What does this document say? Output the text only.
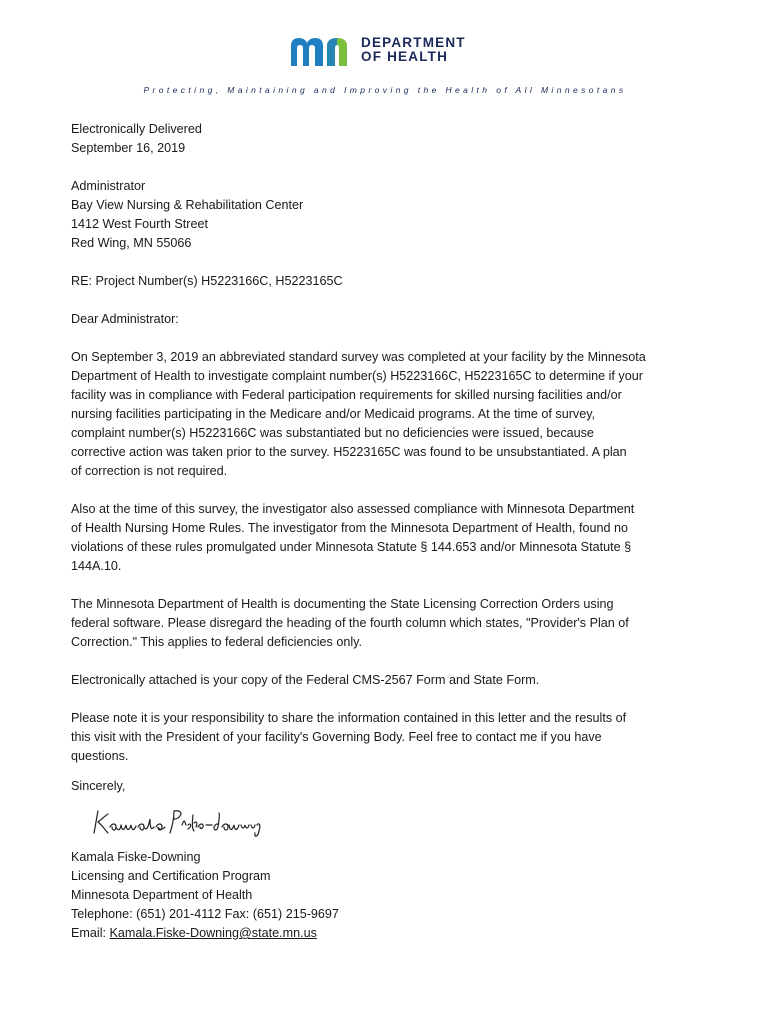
DEPARTMENT
OF HEALTH
Protecting, Maintaining and Improving the Health of All Minnesotans
Electronically Delivered
September 16, 2019
Administrator
Bay View Nursing & Rehabilitation Center
1412 West Fourth Street
Red Wing, MN 55066
RE: Project Number(s) H5223166C, H5223165C
Dear Administrator:
On September 3, 2019 an abbreviated standard survey was completed at your facility by the Minnesota
Department of Health to investigate complaint number(s) H5223166C, H5223165C to determine if your
facility was in compliance with Federal participation requirements for skilled nursing facilities and/or
nursing facilities participating in the Medicare and/or Medicaid programs. At the time of survey,
complaint number(s) H5223166C was substantiated but no deficiencies were issued, because
corrective action was taken prior to the survey. H5223165C was found to be unsubstantiated. A plan
of correction is not required.
Also at the time of this survey, the investigator also assessed compliance with Minnesota Department
of Health Nursing Home Rules. The investigator from the Minnesota Department of Health, found no
violations of these rules promulgated under Minnesota Statute § 144.653 and/or Minnesota Statute §
144A.10.
The Minnesota Department of Health is documenting the State Licensing Correction Orders using
federal software. Please disregard the heading of the fourth column which states, "Provider's Plan of
Correction." This applies to federal deficiencies only.
Electronically attached is your copy of the Federal CMS-2567 Form and State Form.
Please note it is your responsibility to share the information contained in this letter and the results of
this visit with the President of your facility's Governing Body. Feel free to contact me if you have
questions.
Sincerely,
Kamala Fiske-Downing
Licensing and Certification Program
Minnesota Department of Health
Telephone: (651) 201-4112 Fax: (651) 215-9697
Email: Kamala.Fiske-Downing@state.mn.us
